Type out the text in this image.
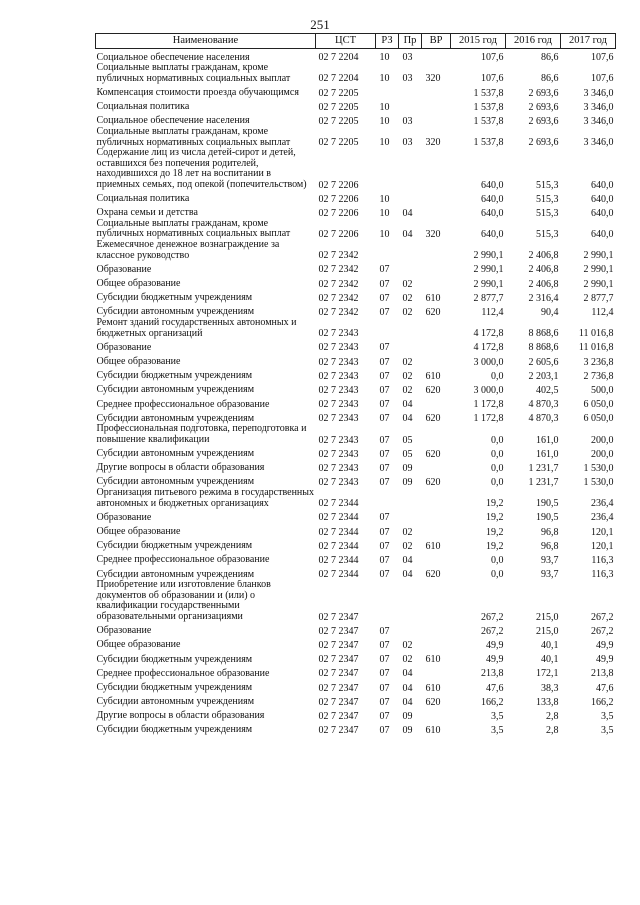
251
Наименование	ЦСТ	РЗ	Пр	ВР	2015 год	2016 год	2017 год
Социальное обеспечение населения	02 7 2204	10	03		107,6	86,6	107,6
Социальные выплаты гражданам, кроме публичных нормативных социальных выплат	02 7 2204	10	03	320	107,6	86,6	107,6
Компенсация стоимости проезда обучающимся	02 7 2205				1 537,8	2 693,6	3 346,0
Социальная политика	02 7 2205	10			1 537,8	2 693,6	3 346,0
Социальное обеспечение населения	02 7 2205	10	03		1 537,8	2 693,6	3 346,0
Социальные выплаты гражданам, кроме публичных нормативных социальных выплат	02 7 2205	10	03	320	1 537,8	2 693,6	3 346,0
Содержание лиц из числа детей-сирот и детей, оставшихся без попечения родителей, находившихся до 18 лет на воспитании в приемных семьях, под опекой (попечительством)	02 7 2206				640,0	515,3	640,0
Социальная политика	02 7 2206	10			640,0	515,3	640,0
Охрана семьи и детства	02 7 2206	10	04		640,0	515,3	640,0
Социальные выплаты гражданам, кроме публичных нормативных социальных выплат	02 7 2206	10	04	320	640,0	515,3	640,0
Ежемесячное денежное вознаграждение за классное руководство	02 7 2342				2 990,1	2 406,8	2 990,1
Образование	02 7 2342	07			2 990,1	2 406,8	2 990,1
Общее образование	02 7 2342	07	02		2 990,1	2 406,8	2 990,1
Субсидии бюджетным учреждениям	02 7 2342	07	02	610	2 877,7	2 316,4	2 877,7
Субсидии автономным учреждениям	02 7 2342	07	02	620	112,4	90,4	112,4
Ремонт зданий государственных автономных и бюджетных организаций	02 7 2343				4 172,8	8 868,6	11 016,8
Образование	02 7 2343	07			4 172,8	8 868,6	11 016,8
Общее образование	02 7 2343	07	02		3 000,0	2 605,6	3 236,8
Субсидии бюджетным учреждениям	02 7 2343	07	02	610	0,0	2 203,1	2 736,8
Субсидии автономным учреждениям	02 7 2343	07	02	620	3 000,0	402,5	500,0
Среднее профессиональное образование	02 7 2343	07	04		1 172,8	4 870,3	6 050,0
Субсидии автономным учреждениям	02 7 2343	07	04	620	1 172,8	4 870,3	6 050,0
Профессиональная подготовка, переподготовка и повышение квалификации	02 7 2343	07	05		0,0	161,0	200,0
Субсидии автономным учреждениям	02 7 2343	07	05	620	0,0	161,0	200,0
Другие вопросы в области образования	02 7 2343	07	09		0,0	1 231,7	1 530,0
Субсидии автономным учреждениям	02 7 2343	07	09	620	0,0	1 231,7	1 530,0
Организация питьевого режима в государственных автономных и бюджетных организациях	02 7 2344				19,2	190,5	236,4
Образование	02 7 2344	07			19,2	190,5	236,4
Общее образование	02 7 2344	07	02		19,2	96,8	120,1
Субсидии бюджетным учреждениям	02 7 2344	07	02	610	19,2	96,8	120,1
Среднее профессиональное образование	02 7 2344	07	04		0,0	93,7	116,3
Субсидии автономным учреждениям	02 7 2344	07	04	620	0,0	93,7	116,3
Приобретение или изготовление бланков документов об образовании и (или) о квалификации государственными образовательными организациями	02 7 2347				267,2	215,0	267,2
Образование	02 7 2347	07			267,2	215,0	267,2
Общее образование	02 7 2347	07	02		49,9	40,1	49,9
Субсидии бюджетным учреждениям	02 7 2347	07	02	610	49,9	40,1	49,9
Среднее профессиональное образование	02 7 2347	07	04		213,8	172,1	213,8
Субсидии бюджетным учреждениям	02 7 2347	07	04	610	47,6	38,3	47,6
Субсидии автономным учреждениям	02 7 2347	07	04	620	166,2	133,8	166,2
Другие вопросы в области образования	02 7 2347	07	09		3,5	2,8	3,5
Субсидии бюджетным учреждениям	02 7 2347	07	09	610	3,5	2,8	3,5
